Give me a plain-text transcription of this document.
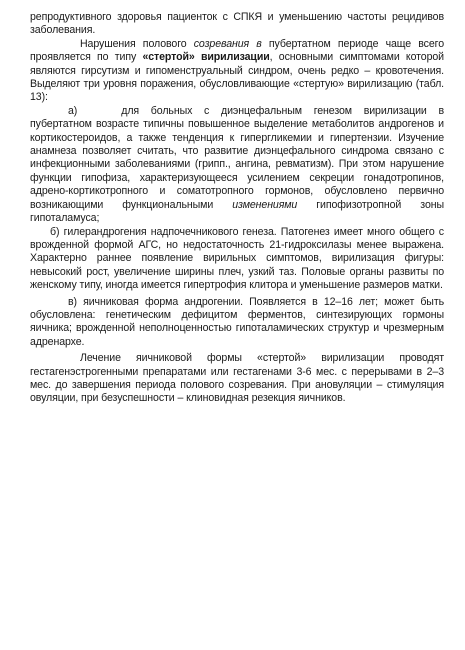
репродуктивного здоровья пациенток с СПКЯ и уменьшению частоты рецидивов заболевания.

Нарушения полового созревания в пубертатном периоде чаще всего проявляется по типу «стертой» вирилизации, основными симптомами которой являются гирсутизм и гипоменструальный синдром, очень редко – кровотечения. Выделяют три уровня поражения, обусловливающие «стертую» вирилизацию (табл. 13):

а)	для больных с диэнцефальным генезом вирилизации в пубертатном возрасте типичны повышенное выделение метаболитов андрогенов и кортикостероидов, а также тенденция к гипергликемии и гипертензии. Изучение анамнеза позволяет считать, что развитие диэнцефального синдрома связано с инфекционными заболеваниями (грипп., ангина, ревматизм). При этом нарушение функции гипофиза, характеризующееся усилением секреции гонадотропинов, адрено-кортикотропного и соматотропного гормонов, обусловлено первично возникающими функциональными изменениями гипофизотропной зоны гипоталамуса;

б) гилерандрогения надпочечникового генеза. Патогенез имеет много общего с врожденной формой АГС, но недостаточность 21-гидроксилазы менее выражена. Характерно раннее появление вирильных симптомов, вирилизация фигуры: невысокий рост, увеличение ширины плеч, узкий таз. Половые органы развиты по женскому типу, иногда имеется гипертрофия клитора и уменьшение размеров матки.

в) яичниковая форма андрогении. Появляется в 12–16 лет; может быть обусловлена: генетическим дефицитом ферментов, синтезирующих гормоны яичника; врожденной неполноценностью гипоталамических структур и чрезмерным адренархе.

Лечение яичниковой формы «стертой» вирилизации проводят гестагенэстрогенными препаратами или гестагенами 3-6 мес. с перерывами в 2–3 мес. до завершения периода полового созревания. При ановуляции – стимуляция овуляции, при безуспешности – клиновидная резекция яичников.
